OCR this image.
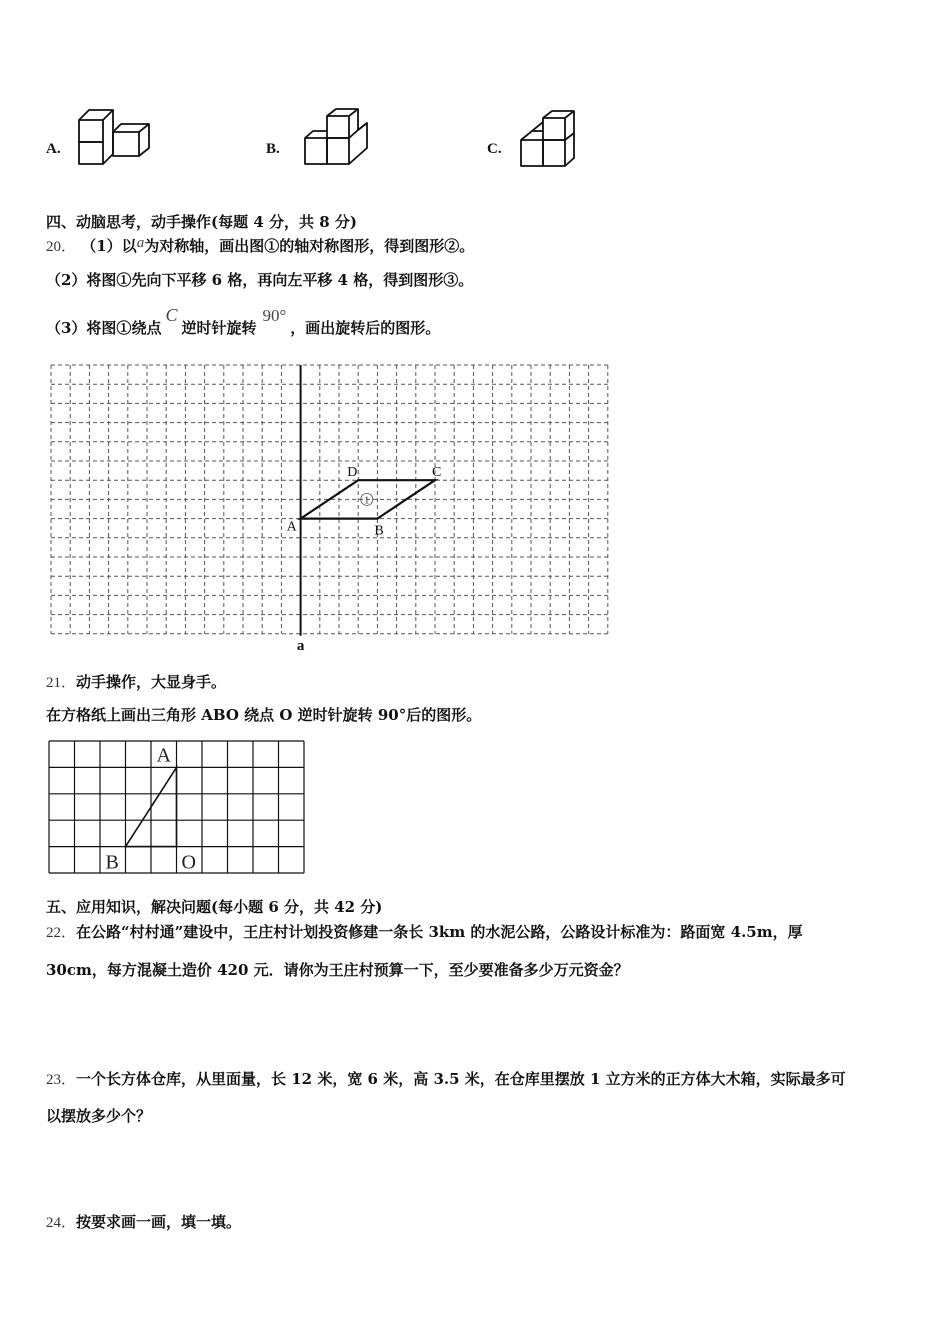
A.	B.	C.
四、动脑思考，动手操作(每题 4 分，共 8 分)
20． （1）以a为对称轴，画出图①的轴对称图形，得到图形②。
（2）将图①先向下平移 6 格，再向左平移 4 格，得到图形③。
（3）将图①绕点C逆时针旋转90°，画出旋转后的图形。
a
A	B
C
D
1
21．动手操作，大显身手。
在方格纸上画出三角形 ABO 绕点 O 逆时针旋转 90°后的图形。
A
B	O
五、应用知识，解决问题(每小题 6 分，共 42 分)
22．在公路“村村通”建设中，王庄村计划投资修建一条长 3km 的水泥公路，公路设计标准为：路面宽 4.5m，厚
30cm，每方混凝土造价 420 元．请你为王庄村预算一下，至少要准备多少万元资金？
23．一个长方体仓库，从里面量，长 12 米，宽 6 米，高 3.5 米，在仓库里摆放 1 立方米的正方体大木箱，实际最多可
以摆放多少个？
24．按要求画一画，填一填。
